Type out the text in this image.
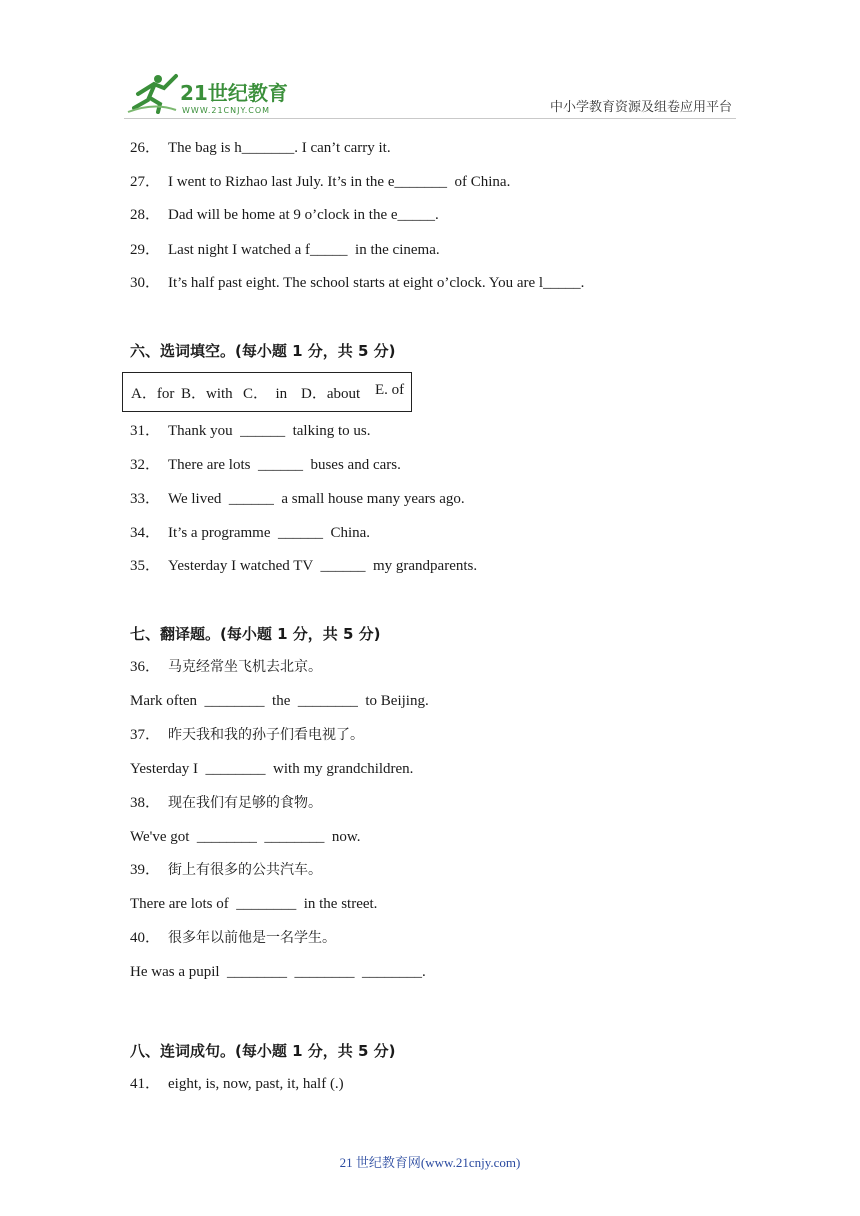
21世纪教育
WWW.21CNJY.COM	中小学教育资源及组卷应用平台
26． The bag is h_______. I can’t carry it.
27． I went to Rizhao last July. It’s in the e_______  of China.
28． Dad will be home at 9 o’clock in the e_____.
29． Last night I watched a f_____  in the cinema.
30． It’s half past eight. The school starts at eight o’clock. You are l_____.
六、选词填空。(每小题 1 分，共 5 分)
A．for B．with C．  in D．about E. of
31． Thank you  ______  talking to us.
32． There are lots  ______  buses and cars.
33． We lived  ______  a small house many years ago.
34． It’s a programme  ______  China.
35． Yesterday I watched TV  ______  my grandparents.
七、翻译题。(每小题 1 分，共 5 分)
36． 马克经常坐飞机去北京。
Mark often  ________  the  ________  to Beijing.
37． 昨天我和我的孙子们看电视了。
Yesterday I  ________  with my grandchildren.
38． 现在我们有足够的食物。
We've got  ________  ________  now.
39． 街上有很多的公共汽车。
There are lots of  ________  in the street.
40． 很多年以前他是一名学生。
He was a pupil  ________  ________  ________.
八、连词成句。(每小题 1 分，共 5 分)
41． eight, is, now, past, it, half (.)
21 世纪教育网(www.21cnjy.com)
